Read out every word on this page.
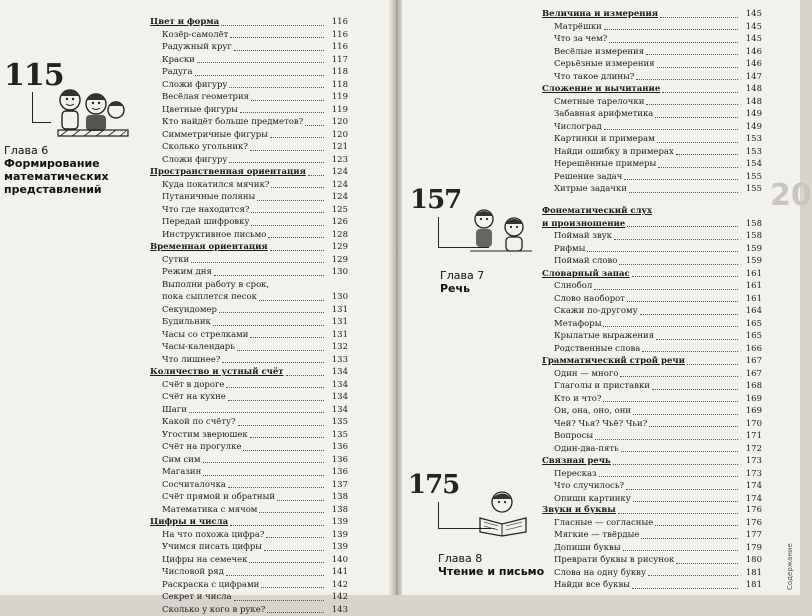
115
Глава 6
Формирование
математических
представлений
Цвет и форма	116
Козёр-самолёт	116
Радужный круг	116
Краски	117
Радуга	118
Сложи фигуру	118
Весёлая геометрия	119
Цветные фигуры	119
Кто найдёт больше предметов?	120
Симметричные фигуры	120
Сколько угольник?	121
Сложи фигуру	123
Пространственная ориентация	124
Куда покатился мячик?	124
Путаничные поляны	124
Что где находится?	125
Передай шифровку	126
Инструктивное письмо	128
Временная ориентация	129
Сутки	129
Режим дня	130
Выполни работу в срок,
пока сыплется песок	130
Секундомер	131
Будильник	131
Часы со стрелками	131
Часы-календарь	132
Что лишнее?	133
Количество и устный счёт	134
Счёт в дороге	134
Счёт на кухне	134
Шаги	134
Какой по счёту?	135
Угостим зверюшек	135
Счёт на прогулке	136
Сим сим	136
Магазин	136
Сосчиталочка	137
Счёт прямой и обратный	138
Математика с мячом	138
Цифры и числа	139
На что похожа цифра?	139
Учимся писать цифры	139
Цифры на семечек	140
Числовой ряд	141
Раскраска с цифрами	142
Секрет и числа	142
Сколько у кого в руке?	143
Величина и измерения	145
Матрёшки	145
Что за чем?	145
Весёлые измерения	146
Серьёзные измерения	146
Что такое длины?	147
Сложение и вычитание	148
Сметные тарелочки	148
Забавная арифметика	149
Числоград	149
Картинки и примерам	153
Найди ошибку в примерах	153
Нерешённые примеры	154
Решение задач	155
Хитрые задачки	155
Фонематический слух
и произношение	158
Поймай звук	158
Рифмы	159
Поймай слово	159
Словарный запас	161
Слнобол	161
Слово наоборот	161
Скажи по-другому	164
Метафоры	165
Крылатые выражения	165
Родственные слова	166
Грамматический строй речи	167
Один — много	167
Глаголы и приставки	168
Кто и что?	169
Он, она, оно, они	169
Чей? Чья? Чьё? Чьи?	170
Вопросы	171
Один-два-пять	172
Связная речь	173
Пересказ	173
Что случилось?	174
Опиши картинку	174
Звуки и буквы	176
Гласные — согласные	176
Мягкие — твёрдые	177
Допиши буквы	179
Преврати буквы в рисунок	180
Слова на одну букву	181
Найди все буквы	181
157
Глава 7
Речь
175
Глава 8
Чтение и письмо
20
Содержание
